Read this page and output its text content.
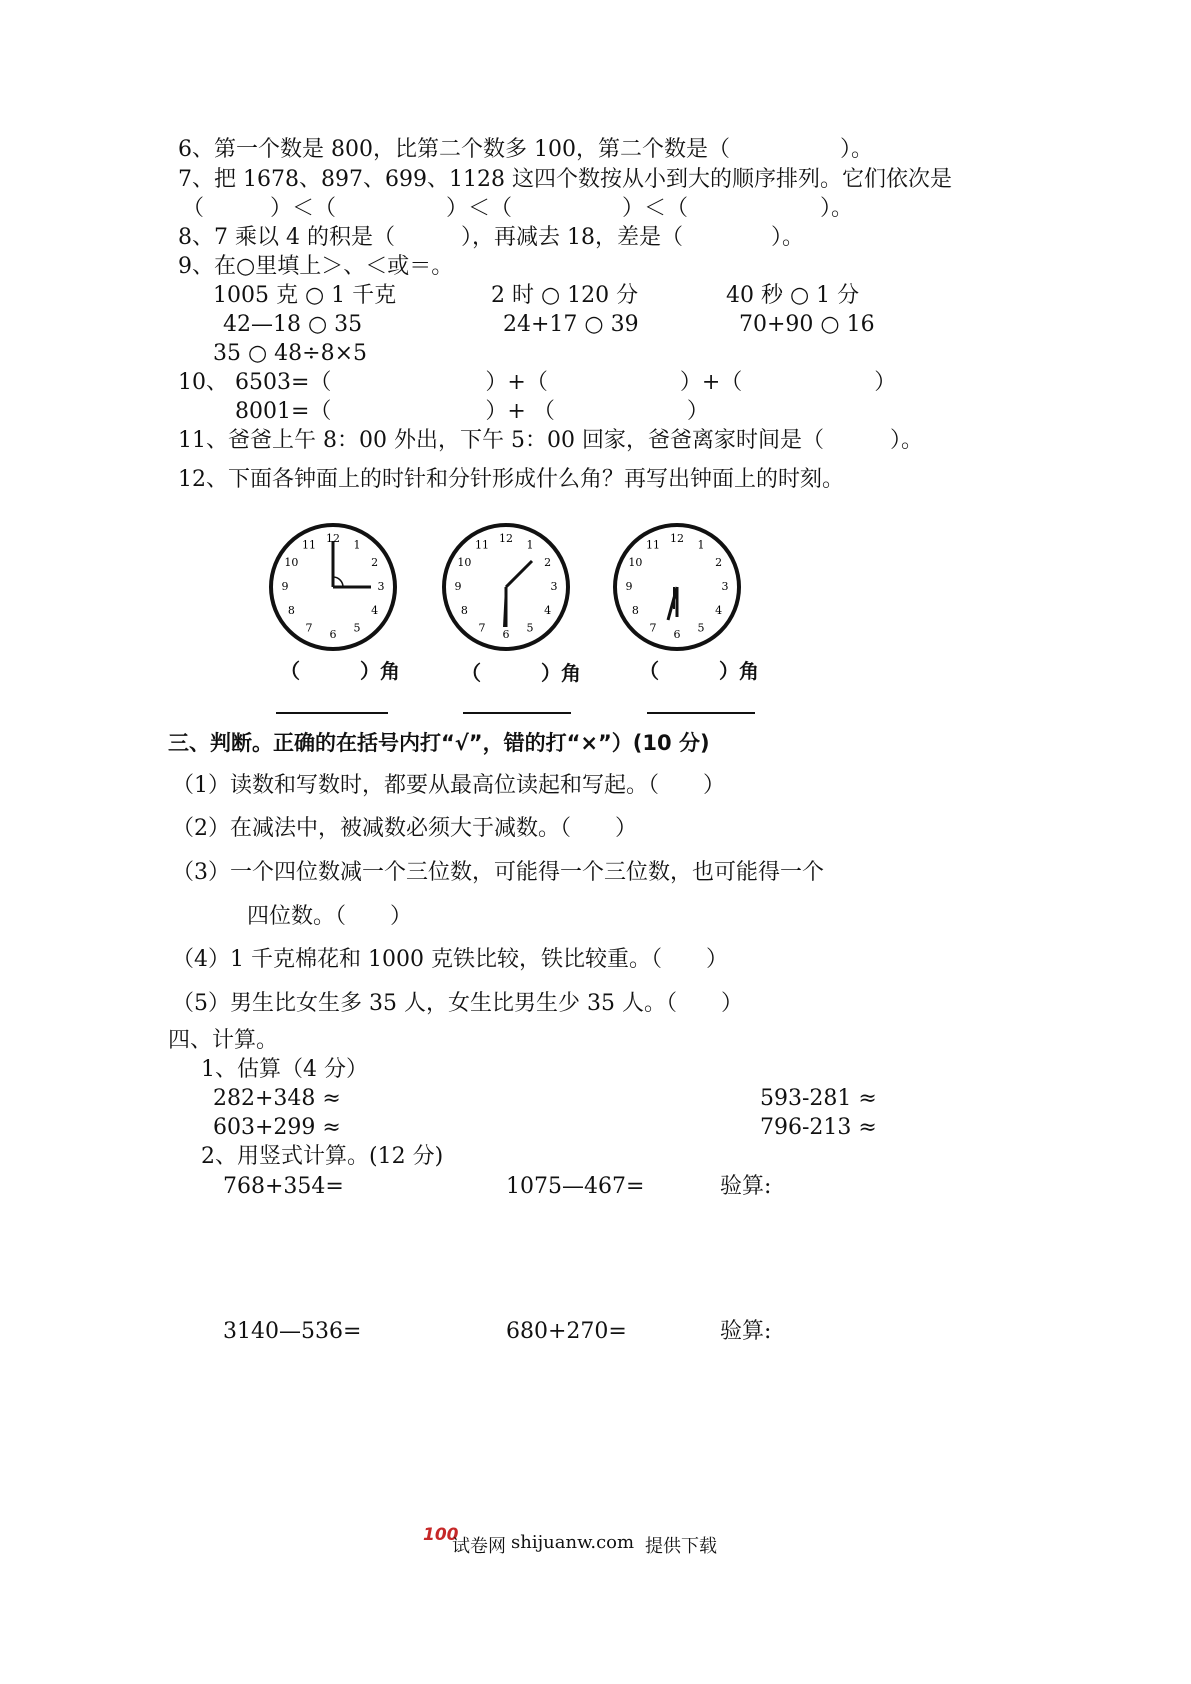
6、第一个数是 800，比第二个数多 100，第二个数是（　　　　　）。
7、把 1678、897、699、1128 这四个数按从小到大的顺序排列。它们依次是
（　　　）＜（　　　　　）＜（　　　　　）＜（　　　　　　）。
8、7 乘以 4 的积是（　　　），再减去 18，差是（　　　　）。
9、在○里填上＞、＜或＝。
1005 克 ○ 1 千克	2 时 ○ 120 分	40 秒 ○ 1 分
42—18 ○ 35	24+17 ○ 39	70+90 ○ 16
35 ○ 48÷8×5
10、 6503=（　　　　　　　）+（　　　　　　）+（　　　　　　）
8001=（　　　　　　　）+ （　　　　　　）
11、爸爸上午 8：00 外出，下午 5：00 回家，爸爸离家时间是（　　　）。
12、下面各钟面上的时针和分针形成什么角？再写出钟面上的时刻。
12 1
2
3
4
5
6
7
8
9
10
11	12 1
2
3
4
5
6
7
8
9
10
11	12 1
2
3
4
5
6
7
8
9
10
11
（　　　）角	（　　　）角	（　　　）角
三、判断。正确的在括号内打“√”，错的打“×”）(10 分)
（1）读数和写数时，都要从最高位读起和写起。（　　）
（2）在减法中，被减数必须大于减数。（　　）
（3）一个四位数减一个三位数，可能得一个三位数，也可能得一个
四位数。（　　）
（4）1 千克棉花和 1000 克铁比较，铁比较重。（　　）
（5）男生比女生多 35 人，女生比男生少 35 人。（　　）
四、计算。
1、估算（4 分）
282+348 ≈	593-281 ≈
603+299 ≈	796-213 ≈
2、用竖式计算。(12 分)
768+354=	1075—467=	验算:
3140—536=	680+270=	验算:
100
试卷网 shijuanw.com 提供下载
